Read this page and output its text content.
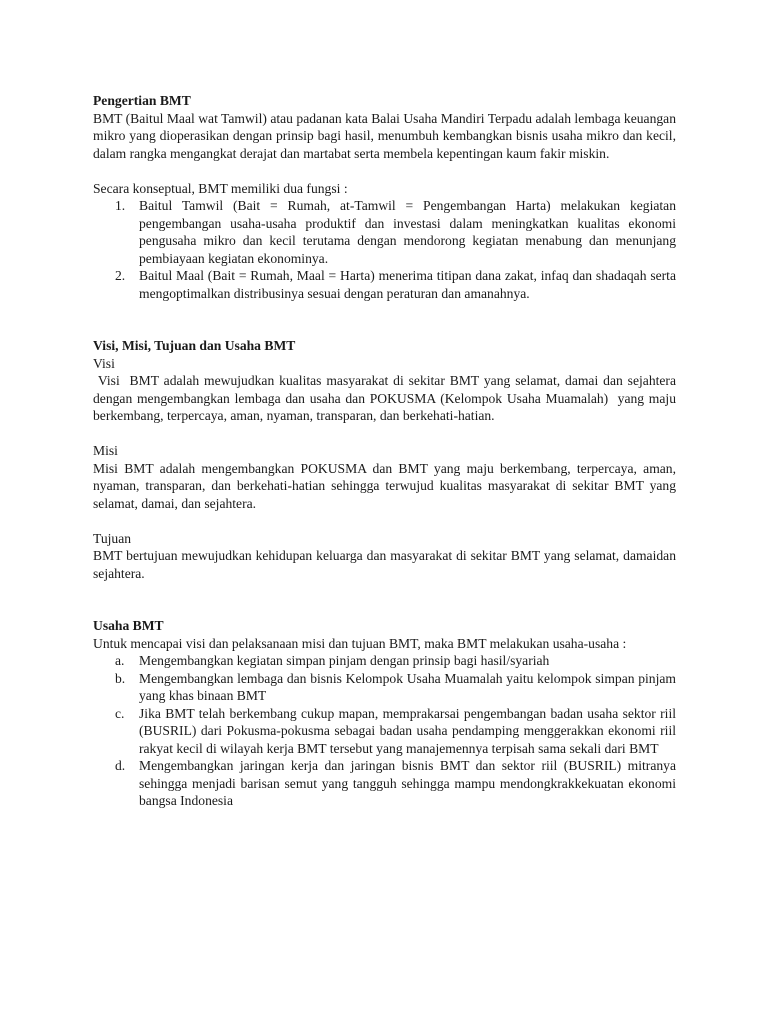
Pengertian BMT

BMT (Baitul Maal wat Tamwil) atau padanan kata Balai Usaha Mandiri Terpadu adalah lembaga keuangan mikro yang dioperasikan dengan prinsip bagi hasil, menumbuh kembangkan bisnis usaha mikro dan kecil, dalam rangka mengangkat derajat dan martabat serta membela kepentingan kaum fakir miskin.

Secara konseptual, BMT memiliki dua fungsi :

1. Baitul Tamwil (Bait = Rumah, at-Tamwil = Pengembangan Harta) melakukan kegiatan pengembangan usaha-usaha produktif dan investasi dalam meningkatkan kualitas ekonomi pengusaha mikro dan kecil terutama dengan mendorong kegiatan menabung dan menunjang pembiayaan kegiatan ekonominya.
2. Baitul Maal (Bait = Rumah, Maal = Harta) menerima titipan dana zakat, infaq dan shadaqah serta mengoptimalkan distribusinya sesuai dengan peraturan dan amanahnya.

Visi, Misi, Tujuan dan Usaha BMT

Visi

Visi  BMT adalah mewujudkan kualitas masyarakat di sekitar BMT yang selamat, damai dan sejahtera dengan mengembangkan lembaga dan usaha dan POKUSMA (Kelompok Usaha Muamalah)  yang maju berkembang, terpercaya, aman, nyaman, transparan, dan berkehati-hatian.

Misi

Misi BMT adalah mengembangkan POKUSMA dan BMT yang maju berkembang, terpercaya, aman, nyaman, transparan, dan berkehati-hatian sehingga terwujud kualitas masyarakat di sekitar BMT yang selamat, damai, dan sejahtera.

Tujuan

BMT bertujuan mewujudkan kehidupan keluarga dan masyarakat di sekitar BMT yang selamat, damaidan sejahtera.

Usaha BMT

Untuk mencapai visi dan pelaksanaan misi dan tujuan BMT, maka BMT melakukan usaha-usaha :

a. Mengembangkan kegiatan simpan pinjam dengan prinsip bagi hasil/syariah
b. Mengembangkan lembaga dan bisnis Kelompok Usaha Muamalah yaitu kelompok simpan pinjam yang khas binaan BMT
c. Jika BMT telah berkembang cukup mapan, memprakarsai pengembangan badan usaha sektor riil (BUSRIL) dari Pokusma-pokusma sebagai badan usaha pendamping menggerakkan ekonomi riil rakyat kecil di wilayah kerja BMT tersebut yang manajemennya terpisah sama sekali dari BMT
d. Mengembangkan jaringan kerja dan jaringan bisnis BMT dan sektor riil (BUSRIL) mitranya sehingga menjadi barisan semut yang tangguh sehingga mampu mendongkrakkekuatan ekonomi bangsa Indonesia
